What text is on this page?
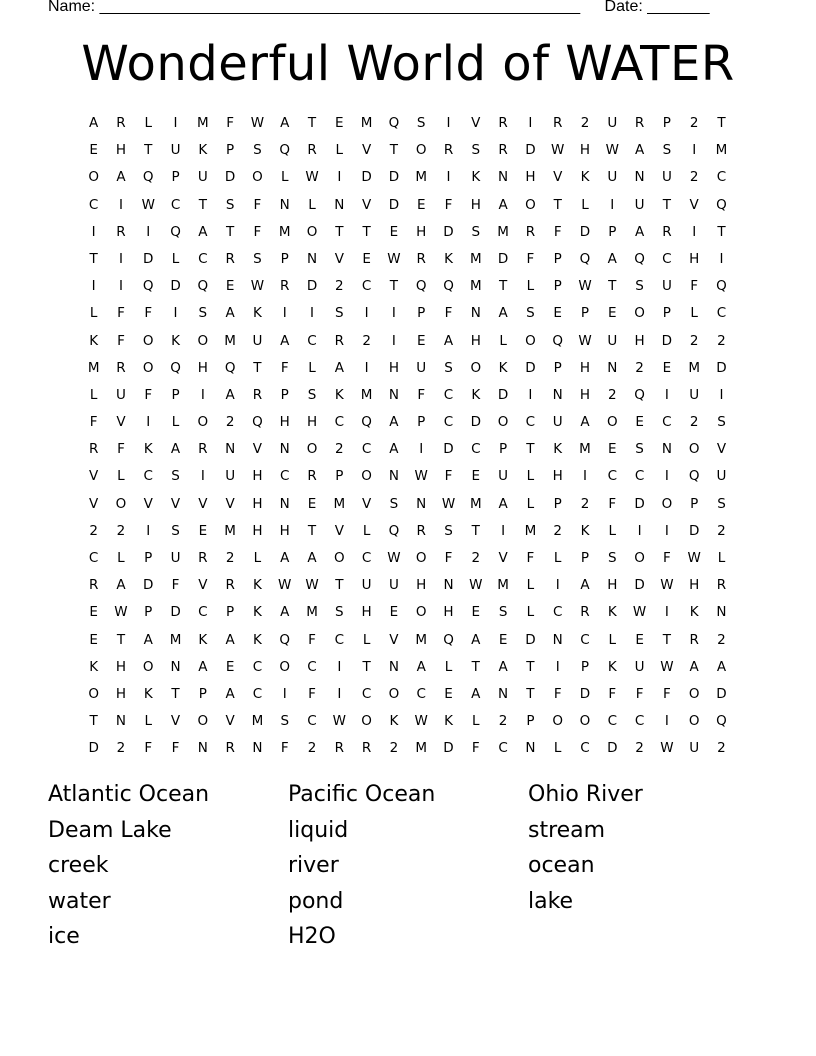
Name: ______________________________________________________ Date: _______
Wonderful World of WATER
A	R	L	I	M	F	W	A	T	E	M	Q	S	I	V	R	I	R	2	U	R	P	2	T
E	H	T	U	K	P	S	Q	R	L	V	T	O	R	S	R	D	W	H	W	A	S	I	M
O	A	Q	P	U	D	O	L	W	I	D	D	M	I	K	N	H	V	K	U	N	U	2	C
C	I	W	C	T	S	F	N	L	N	V	D	E	F	H	A	O	T	L	I	U	T	V	Q
I	R	I	Q	A	T	F	M	O	T	T	E	H	D	S	M	R	F	D	P	A	R	I	T
T	I	D	L	C	R	S	P	N	V	E	W	R	K	M	D	F	P	Q	A	Q	C	H	I
I	I	Q	D	Q	E	W	R	D	2	C	T	Q	Q	M	T	L	P	W	T	S	U	F	Q
L	F	F	I	S	A	K	I	I	S	I	I	P	F	N	A	S	E	P	E	O	P	L	C
K	F	O	K	O	M	U	A	C	R	2	I	E	A	H	L	O	Q	W	U	H	D	2	2
M	R	O	Q	H	Q	T	F	L	A	I	H	U	S	O	K	D	P	H	N	2	E	M	D
L	U	F	P	I	A	R	P	S	K	M	N	F	C	K	D	I	N	H	2	Q	I	U	I
F	V	I	L	O	2	Q	H	H	C	Q	A	P	C	D	O	C	U	A	O	E	C	2	S
R	F	K	A	R	N	V	N	O	2	C	A	I	D	C	P	T	K	M	E	S	N	O	V
V	L	C	S	I	U	H	C	R	P	O	N	W	F	E	U	L	H	I	C	C	I	Q	U
V	O	V	V	V	V	H	N	E	M	V	S	N	W	M	A	L	P	2	F	D	O	P	S
2	2	I	S	E	M	H	H	T	V	L	Q	R	S	T	I	M	2	K	L	I	I	D	2
C	L	P	U	R	2	L	A	A	O	C	W	O	F	2	V	F	L	P	S	O	F	W	L
R	A	D	F	V	R	K	W	W	T	U	U	H	N	W	M	L	I	A	H	D	W	H	R
E	W	P	D	C	P	K	A	M	S	H	E	O	H	E	S	L	C	R	K	W	I	K	N
E	T	A	M	K	A	K	Q	F	C	L	V	M	Q	A	E	D	N	C	L	E	T	R	2
K	H	O	N	A	E	C	O	C	I	T	N	A	L	T	A	T	I	P	K	U	W	A	A
O	H	K	T	P	A	C	I	F	I	C	O	C	E	A	N	T	F	D	F	F	F	O	D
T	N	L	V	O	V	M	S	C	W	O	K	W	K	L	2	P	O	O	C	C	I	O	Q
D	2	F	F	N	R	N	F	2	R	R	2	M	D	F	C	N	L	C	D	2	W	U	2
Atlantic Ocean	Pacific Ocean	Ohio River
Deam Lake	liquid	stream
creek	river	ocean
water	pond	lake
ice	H2O
